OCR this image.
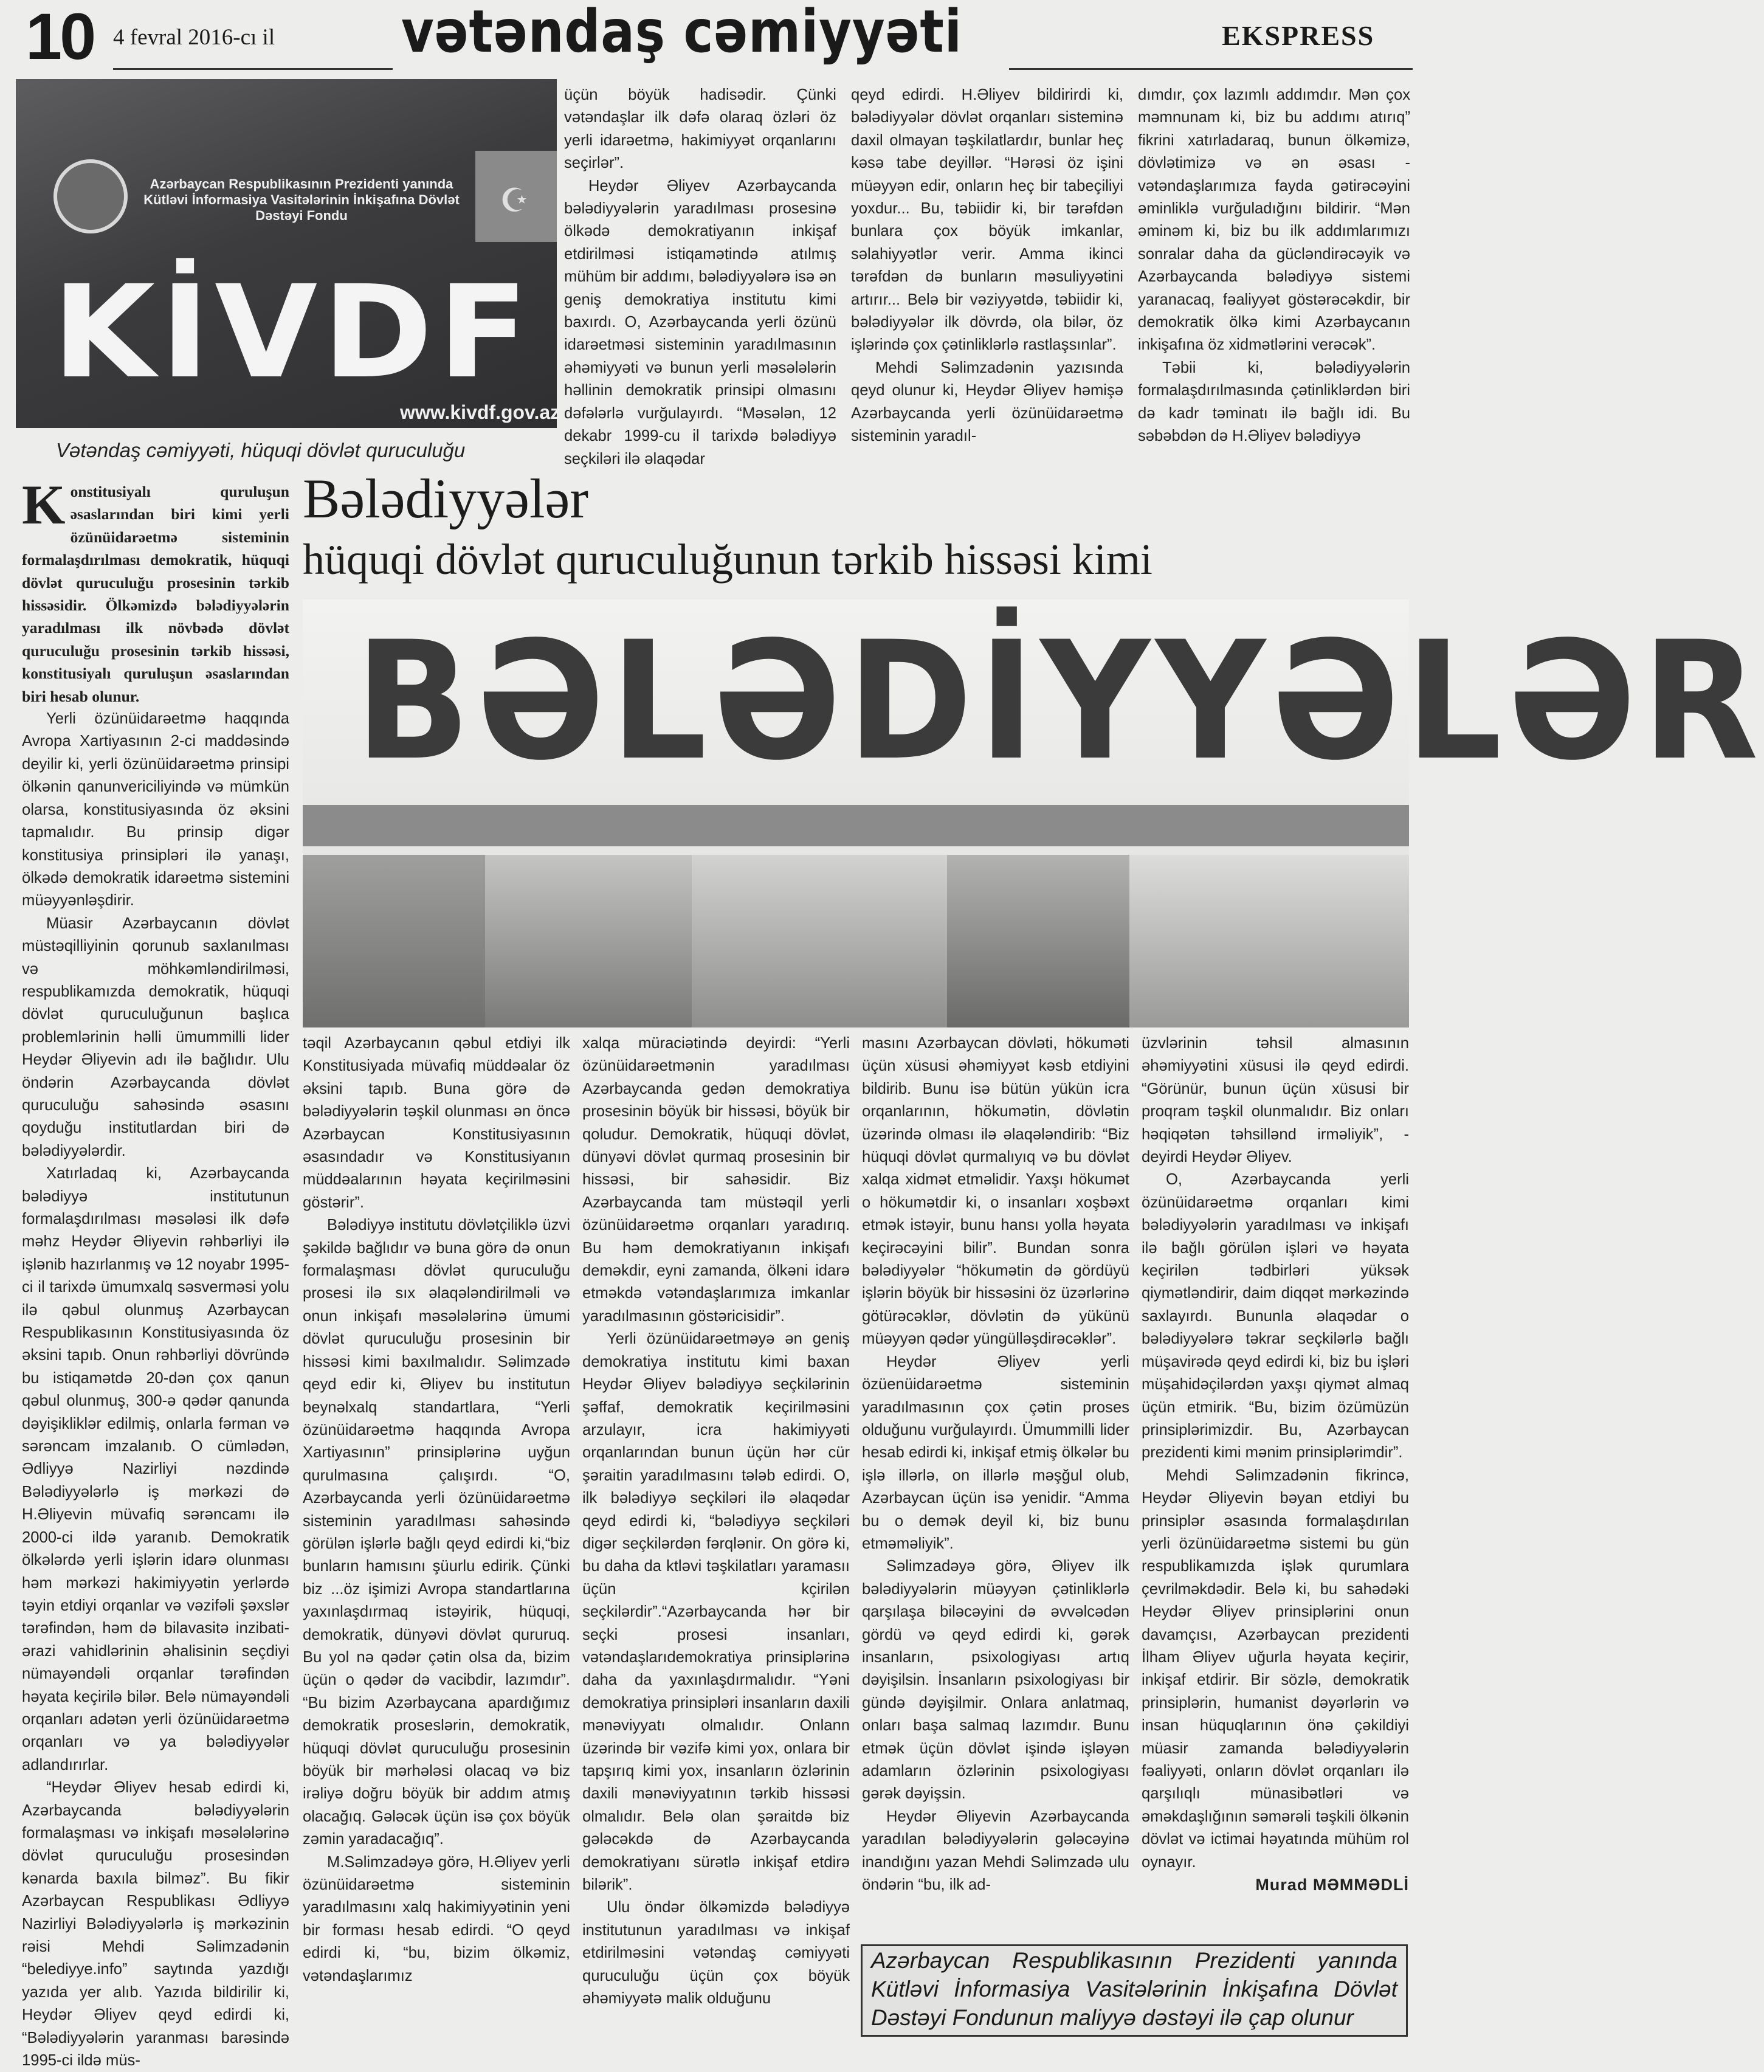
10 4 fevral 2016-cı il vətəndaş cəmiyyəti	EKSPRESS
☪
Azərbaycan Respublikasının Prezidenti yanında Kütləvi İnformasiya Vasitələrinin İnkişafına Dövlət Dəstəyi Fondu
KİVDF
www.kivdf.gov.az
Vətəndaş cəmiyyəti, hüquqi dövlət quruculuğu

Konstitusiyalı quruluşun əsaslarından biri kimi yerli özünüidarəetmə sisteminin formalaşdırılması demokratik, hüquqi dövlət quruculuğu prosesinin tərkib hissəsidir. Ölkəmizdə bələdiyyələrin yaradılması ilk növbədə dövlət quruculuğu prosesinin tərkib hissəsi, konstitusiyalı quruluşun əsaslarından biri hesab olunur.

Yerli özünüidarəetmə haqqında Avropa Xartiyasının 2-ci maddəsində deyilir ki, yerli özünüidarəetmə prinsipi ölkənin qanunvericiliyində və mümkün olarsa, konstitusiyasında öz əksini tapmalıdır. Bu prinsip digər konstitusiya prinsipləri ilə yanaşı, ölkədə demokratik idarəetmə sistemini müəyyənləşdirir.

Müasir Azərbaycanın dövlət müstəqilliyinin qorunub saxlanılması və möhkəmləndirilməsi, respublikamızda demokratik, hüquqi dövlət quruculuğunun başlıca problemlərinin həlli ümummilli lider Heydər Əliyevin adı ilə bağlıdır. Ulu öndərin Azərbaycanda dövlət quruculuğu sahəsində əsasını qoyduğu institutlardan biri də bələdiyyələrdir.

Xatırladaq ki, Azərbaycanda bələdiyyə institutunun formalaşdırılması məsələsi ilk dəfə məhz Heydər Əliyevin rəhbərliyi ilə işlənib hazırlanmış və 12 noyabr 1995-ci il tarixdə ümumxalq səsverməsi yolu ilə qəbul olunmuş Azərbaycan Respublikasının Konstitusiyasında öz əksini tapıb. Onun rəhbərliyi dövründə bu istiqamətdə 20-dən çox qanun qəbul olunmuş, 300-ə qədər qanunda dəyişikliklər edilmiş, onlarla fərman və sərəncam imzalanıb. O cümlədən, Ədliyyə Nazirliyi nəzdində Bələdiyyələrlə iş mərkəzi də H.Əliyevin müvafiq sərəncamı ilə 2000-ci ildə yaranıb. Demokratik ölkələrdə yerli işlərin idarə olunması həm mərkəzi hakimiyyətin yerlərdə təyin etdiyi orqanlar və vəzifəli şəxslər tərəfindən, həm də bilavasitə inzibati-ərazi vahidlərinin əhalisinin seçdiyi nümayəndəli orqanlar tərəfindən həyata keçirilə bilər. Belə nümayəndəli orqanları adətən yerli özünüidarəetmə orqanları və ya bələdiyyələr adlandırırlar.

“Heydər Əliyev hesab edirdi ki, Azərbaycanda bələdiyyələrin formalaşması və inkişafı məsələlərinə dövlət quruculuğu prosesindən kənarda baxıla bilməz”. Bu fikir Azərbaycan Respublikası Ədliyyə Nazirliyi Bələdiyyələrlə iş mərkəzinin rəisi Mehdi Səlimzadənin “belediyye.info” saytında yazdığı yazıda yer alıb. Yazıda bildirilir ki, Heydər Əliyev qeyd edirdi ki, “Bələdiyyələrin yaranması barəsində 1995-ci ildə müs-

üçün böyük hadisədir. Çünki vətəndaşlar ilk dəfə olaraq özləri öz yerli idarəetmə, hakimiyyət orqanlarını seçirlər”.

Heydər Əliyev Azərbaycanda bələdiyyələrin yaradılması prosesinə ölkədə demokratiyanın inkişaf etdirilməsi istiqamətində atılmış mühüm bir addımı, bələdiyyələrə isə ən geniş demokratiya institutu kimi baxırdı. O, Azərbaycanda yerli özünü idarəetməsi sisteminin yaradılmasının əhəmiyyəti və bunun yerli məsələlərin həllinin demokratik prinsipi olmasını dəfələrlə vurğulayırdı. “Məsələn, 12 dekabr 1999-cu il tarixdə bələdiyyə seçkiləri ilə əlaqədar

qeyd edirdi. H.Əliyev bildirirdi ki, bələdiyyələr dövlət orqanları sisteminə daxil olmayan təşkilatlardır, bunlar heç kəsə tabe deyillər. “Hərəsi öz işini müəyyən edir, onların heç bir tabeçiliyi yoxdur... Bu, təbiidir ki, bir tərəfdən bunlara çox böyük imkanlar, səlahiyyətlər verir. Amma ikinci tərəfdən də bunların məsuliyyətini artırır... Belə bir vəziyyətdə, təbiidir ki, bələdiyyələr ilk dövrdə, ola bilər, öz işlərində çox çətinliklərlə rastlaşsınlar”.

Mehdi Səlimzadənin yazısında qeyd olunur ki, Heydər Əliyev həmişə Azərbaycanda yerli özünüidarəetmə sisteminin yaradıl-

dımdır, çox lazımlı addımdır. Mən çox məmnunam ki, biz bu addımı atırıq” fikrini xatırladaraq, bunun ölkəmizə, dövlətimizə və ən əsası - vətəndaşlarımıza fayda gətirəcəyini əminliklə vurğuladığını bildirir. “Mən əminəm ki, biz bu ilk addımlarımızı sonralar daha da gücləndirəcəyik və Azərbaycanda bələdiyyə sistemi yaranacaq, fəaliyyət göstərəcəkdir, bir demokratik ölkə kimi Azərbaycanın inkişafına öz xidmətlərini verəcək”.

Təbii ki, bələdiyyələrin formalaşdırılmasında çətinliklərdən biri də kadr təminatı ilə bağlı idi. Bu səbəbdən də H.Əliyev bələdiyyə

Bələdiyyələr
hüquqi dövlət quruculuğunun tərkib hissəsi kimi
BƏLƏDİYYƏLƏR

təqil Azərbaycanın qəbul etdiyi ilk Konstitusiyada müvafiq müddəalar öz əksini tapıb. Buna görə də bələdiyyələrin təşkil olunması ən öncə Azərbaycan Konstitusiyasının əsasındadır və Konstitusiyanın müddəalarının həyata keçirilməsini göstərir”.

Bələdiyyə institutu dövlətçiliklə üzvi şəkildə bağlıdır və buna görə də onun formalaşması dövlət quruculuğu prosesi ilə sıx əlaqələndirilməli və onun inkişafı məsələlərinə ümumi dövlət quruculuğu prosesinin bir hissəsi kimi baxılmalıdır. Səlimzadə qeyd edir ki, Əliyev bu institutun beynəlxalq standartlara, “Yerli özünüidarəetmə haqqında Avropa Xartiyasının” prinsiplərinə uyğun qurulmasına çalışırdı. “O, Azərbaycanda yerli özünüidarəetmə sisteminin yaradılması sahəsində görülən işlərlə bağlı qeyd edirdi ki,“biz bunların hamısını şüurlu edirik. Çünki biz ...öz işimizi Avropa standartlarına yaxınlaşdırmaq istəyirik, hüquqi, demokratik, dünyəvi dövlət qururuq. Bu yol nə qədər çətin olsa da, bizim üçün o qədər də vacibdir, lazımdır”. “Bu bizim Azərbaycana apardığımız demokratik proseslərin, demokratik, hüquqi dövlət quruculuğu prosesinin böyük bir mərhələsi olacaq və biz irəliyə doğru böyük bir addım atmış olacağıq. Gələcək üçün isə çox böyük zəmin yaradacağıq”.

M.Səlimzadəyə görə, H.Əliyev yerli özünüidarəetmə sisteminin yaradılmasını xalq hakimiyyətinin yeni bir forması hesab edirdi. “O qeyd edirdi ki, “bu, bizim ölkəmiz, vətəndaşlarımız

xalqa müraciətində deyirdi: “Yerli özünüidarəetmənin yaradılması Azərbaycanda gedən demokratiya prosesinin böyük bir hissəsi, böyük bir qoludur. Demokratik, hüquqi dövlət, dünyəvi dövlət qurmaq prosesinin bir hissəsi, bir sahəsidir. Biz Azərbaycanda tam müstəqil yerli özünüidarəetmə orqanları yaradırıq. Bu həm demokratiyanın inkişafı deməkdir, eyni zamanda, ölkəni idarə etməkdə vətəndaşlarımıza imkanlar yaradılmasının göstəricisidir”.

Yerli özünüidarəetməyə ən geniş demokratiya institutu kimi baxan Heydər Əliyev bələdiyyə seçkilərinin şəffaf, demokratik keçirilməsini arzulayır, icra hakimiyyəti orqanlarından bunun üçün hər cür şəraitin yaradılmasını tələb edirdi. O, ilk bələdiyyə seçkiləri ilə əlaqədar qeyd edirdi ki, “bələdiyyə seçkiləri digər seçkilərdən fərqlənir. On görə ki, bu daha da ktləvi təşkilatları yaramasıı üçün kçirilən seçkilərdir”.“Azərbaycanda hər bir seçki prosesi insanları, vətəndaşlarıdemokratiya prinsiplərinə daha da yaxınlaşdırmalıdır. “Yəni demokratiya prinsipləri insanların daxili mənəviyyatı olmalıdır. Onlann üzərində bir vəzifə kimi yox, onlara bir tapşırıq kimi yox, insanların özlərinin daxili mənəviyyatının tərkib hissəsi olmalıdır. Belə olan şəraitdə biz gələcəkdə də Azərbaycanda demokratiyanı sürətlə inkişaf etdirə bilərik”.

Ulu öndər ölkəmizdə bələdiyyə institutunun yaradılması və inkişaf etdirilməsini vətəndaş cəmiyyəti quruculuğu üçün çox böyük əhəmiyyətə malik olduğunu

masını Azərbaycan dövləti, hökuməti üçün xüsusi əhəmiyyət kəsb etdiyini bildirib. Bunu isə bütün yükün icra orqanlarının, hökumətin, dövlətin üzərində olması ilə əlaqələndirib: “Biz hüquqi dövlət qurmalıyıq və bu dövlət xalqa xidmət etməlidir. Yaxşı hökumət o hökumətdir ki, o insanları xoşbəxt etmək istəyir, bunu hansı yolla həyata keçirəcəyini bilir”. Bundan sonra bələdiyyələr “hökumətin də gördüyü işlərin böyük bir hissəsini öz üzərlərinə götürəcəklər, dövlətin də yükünü müəyyən qədər yüngülləşdirəcəklər”.

Heydər Əliyev yerli özüenüidarəetmə sisteminin yaradılmasının çox çətin proses olduğunu vurğulayırdı. Ümummilli lider hesab edirdi ki, inkişaf etmiş ölkələr bu işlə illərlə, on illərlə məşğul olub, Azərbaycan üçün isə yenidir. “Amma bu o demək deyil ki, biz bunu etməməliyik”.

Səlimzadəyə görə, Əliyev ilk bələdiyyələrin müəyyən çətinliklərlə qarşılaşa biləcəyini də əvvəlcədən gördü və qeyd edirdi ki, gərək insanların, psixologiyası artıq dəyişilsin. İnsanların psixologiyası bir gündə dəyişilmir. Onlara anlatmaq, onları başa salmaq lazımdır. Bunu etmək üçün dövlət işində işləyən adamların özlərinin psixologiyası gərək dəyişsin.

Heydər Əliyevin Azərbaycanda yaradılan bələdiyyələrin gələcəyinə inandığını yazan Mehdi Səlimzadə ulu öndərin “bu, ilk ad-

üzvlərinin təhsil almasının əhəmiyyətini xüsusi ilə qeyd edirdi. “Görünür, bunun üçün xüsusi bir proqram təşkil olunmalıdır. Biz onları həqiqətən təhsillənd irməliyik”, - deyirdi Heydər Əliyev.

O, Azərbaycanda yerli özünüidarəetmə orqanları kimi bələdiyyələrin yaradılması və inkişafı ilə bağlı görülən işləri və həyata keçirilən tədbirləri yüksək qiymətləndirir, daim diqqət mərkəzində saxlayırdı. Bununla əlaqədar o bələdiyyələrə təkrar seçkilərlə bağlı müşavirədə qeyd edirdi ki, biz bu işləri müşahidəçilərdən yaxşı qiymət almaq üçün etmirik. “Bu, bizim özümüzün prinsiplərimizdir. Bu, Azərbaycan prezidenti kimi mənim prinsiplərimdir”.

Mehdi Səlimzadənin fikrincə, Heydər Əliyevin bəyan etdiyi bu prinsiplər əsasında formalaşdırılan yerli özünüidarəetmə sistemi bu gün respublikamızda işlək qurumlara çevrilməkdədir. Belə ki, bu sahədəki Heydər Əliyev prinsiplərini onun davamçısı, Azərbaycan prezidenti İlham Əliyev uğurla həyata keçirir, inkişaf etdirir. Bir sözlə, demokratik prinsiplərin, humanist dəyərlərin və insan hüquqlarının önə çəkildiyi müasir zamanda bələdiyyələrin fəaliyyəti, onların dövlət orqanları ilə qarşılıqlı münasibətləri və əməkdaşlığının səmərəli təşkili ölkənin dövlət və ictimai həyatında mühüm rol oynayır.

Murad MƏMMƏDLİ
Azərbaycan Respublikasının Prezidenti yanında Kütləvi İnformasiya Vasitələrinin İnkişafına Dövlət Dəstəyi Fondunun maliyyə dəstəyi ilə çap olunur
